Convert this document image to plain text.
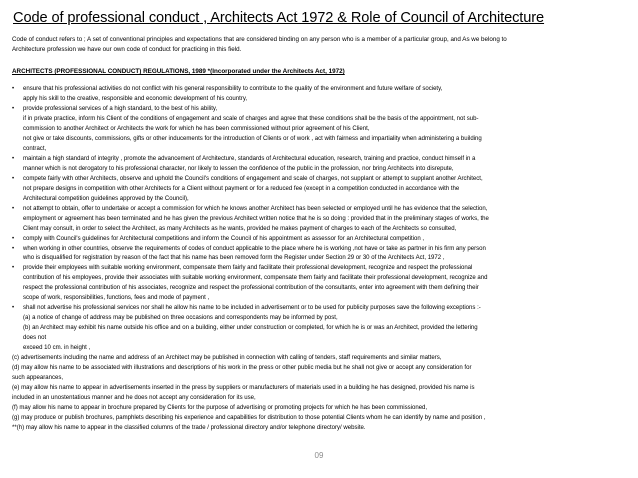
Code of professional conduct , Architects Act 1972 & Role of Council of Architecture
Code of conduct refers to ; A set of conventional principles and expectations that are considered binding on any person who is a member of a particular group, and As we belong to
Architecture profession we have our own code of conduct for practicing in this field.
ARCHITECTS (PROFESSIONAL CONDUCT) REGULATIONS, 1989 *(Incorporated under the Architects Act, 1972)
• ensure that his professional activities do not conflict with his general responsibility to contribute to the quality of the environment and future welfare of society,
apply his skill to the creative, responsible and economic development of his country,
• provide professional services of a high standard, to the best of his ability,
if in private practice, inform his Client of the conditions of engagement and scale of charges and agree that these conditions shall be the basis of the appointment, not sub-
commission to another Architect or Architects the work for which he has been commissioned without prior agreement of his Client,
not give or take discounts, commissions, gifts or other inducements for the introduction of Clients or of work , act with fairness and impartiality when administering a building
contract,
• maintain a high standard of integrity , promote the advancement of Architecture, standards of Architectural education, research, training and practice, conduct himself in a
manner which is not derogatory to his professional character, nor likely to lessen the confidence of the public in the profession, nor bring Architects into disrepute,
• compete fairly with other Architects, observe and uphold the Council's conditions of engagement and scale of charges, not supplant or attempt to supplant another Architect,
not prepare designs in competition with other Architects for a Client without payment or for a reduced fee (except in a competition conducted in accordance with the
Architectural competition guidelines approved by the Council),
• not attempt to obtain, offer to undertake or accept a commission for which he knows another Architect has been selected or employed until he has evidence that the selection,
employment or agreement has been terminated and he has given the previous Architect written notice that he is so doing : provided that in the preliminary stages of works, the
Client may consult, in order to select the Architect, as many Architects as he wants, provided he makes payment of charges to each of the Architects so consulted,
• comply with Council's guidelines for Architectural competitions and inform the Council of his appointment as assessor for an Architectural competition ,
• when working in other countries, observe the requirements of codes of conduct applicable to the place where he is working ,not have or take as partner in his firm any person
who is disqualified for registration by reason of the fact that his name has been removed form the Register under Section 29 or 30 of the Architects Act, 1972 ,
• provide their employees with suitable working environment, compensate them fairly and facilitate their professional development, recognize and respect the professional
contribution of his employees, provide their associates with suitable working environment, compensate them fairly and facilitate their professional development, recognize and
respect the professional contribution of his associates, recognize and respect the professional contribution of the consultants, enter into agreement with them defining their
scope of work, responsibilities, functions, fees and mode of payment ,
• shall not advertise his professional services nor shall he allow his name to be included in advertisement or to be used for publicity purposes save the following exceptions :-
(a) a notice of change of address may be published on three occasions and correspondents may be informed by post,
(b) an Architect may exhibit his name outside his office and on a building, either under construction or completed, for which he is or was an Architect, provided the lettering
does not
exceed 10 cm. in height ,
(c) advertisements including the name and address of an Architect may be published in connection with calling of tenders, staff requirements and similar matters,
(d) may allow his name to be associated with illustrations and descriptions of his work in the press or other public media but he shall not give or accept any consideration for
such appearances,
(e) may allow his name to appear in advertisements inserted in the press by suppliers or manufacturers of materials used in a building he has designed, provided his name is
included in an unostentatious manner and he does not accept any consideration for its use,
(f) may allow his name to appear in brochure prepared by Clients for the purpose of advertising or promoting projects for which he has been commissioned,
(g) may produce or publish brochures, pamphlets describing his experience and capabilities for distribution to those potential Clients whom he can identify by name and position ,
**(h) may allow his name to appear in the classified columns of the trade / professional directory and/or telephone directory/ website.
09
